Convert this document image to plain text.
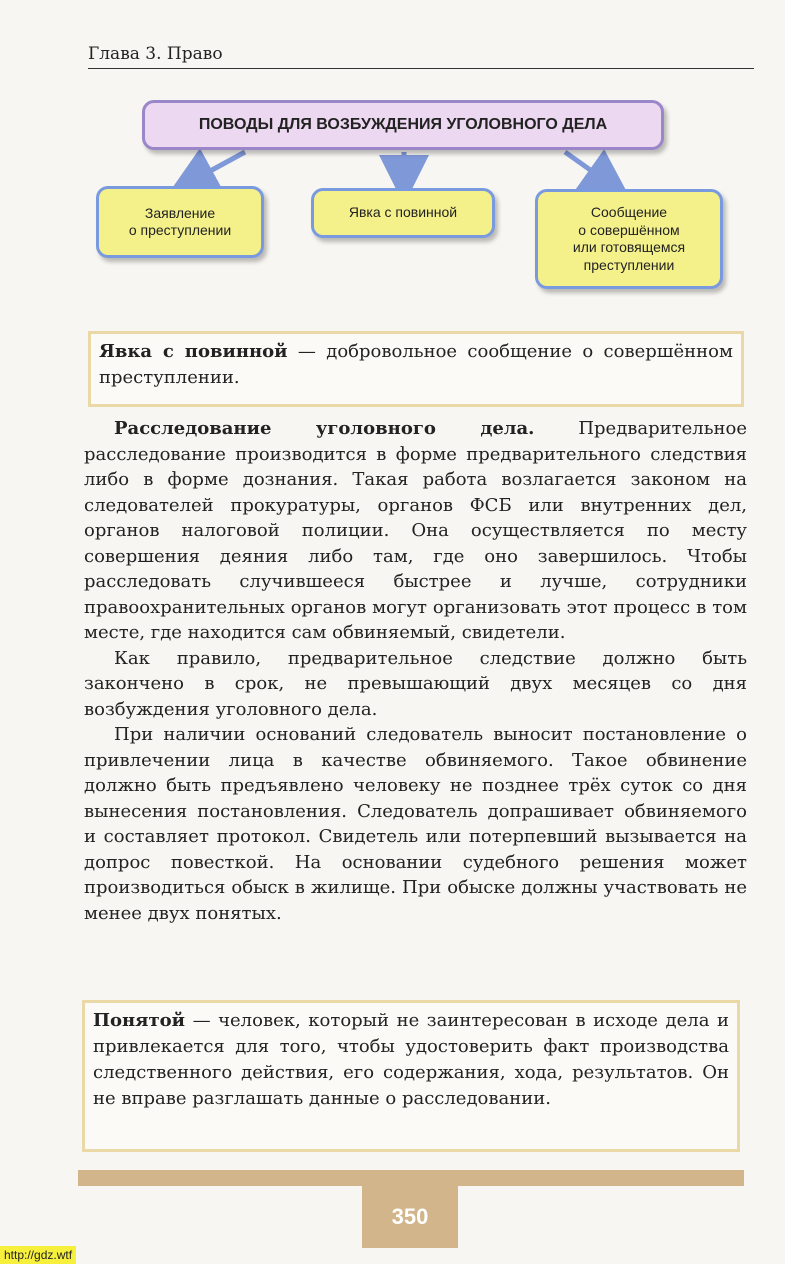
Глава 3. Право
ПОВОДЫ ДЛЯ ВОЗБУЖДЕНИЯ УГОЛОВНОГО ДЕЛА
Заявление
о преступлении
Явка с повинной	Сообщение
о совершённом
или готовящемся
преступлении
Явка с повинной — добровольное сообщение о совершённом преступлении.

Расследование уголовного дела. Предварительное расследование производится в форме предварительного следствия либо в форме дознания. Такая работа возлагается законом на следователей прокуратуры, органов ФСБ или внутренних дел, органов налоговой полиции. Она осуществляется по месту совершения деяния либо там, где оно завершилось. Чтобы расследовать случившееся быстрее и лучше, сотрудники правоохранительных органов могут организовать этот процесс в том месте, где находится сам обвиняемый, свидетели.

Как правило, предварительное следствие должно быть закончено в срок, не превышающий двух месяцев со дня возбуждения уголовного дела.

При наличии оснований следователь выносит постановление о привлечении лица в качестве обвиняемого. Такое обвинение должно быть предъявлено человеку не позднее трёх суток со дня вынесения постановления. Следователь допрашивает обвиняемого и составляет протокол. Свидетель или потерпевший вызывается на допрос повесткой. На основании судебного решения может производиться обыск в жилище. При обыске должны участвовать не менее двух понятых.

Понятой — человек, который не заинтересован в исходе дела и привлекается для того, чтобы удостоверить факт производства следственного действия, его содержания, хода, результатов. Он не вправе разглашать данные о расследовании.
350
http://gdz.wtf
